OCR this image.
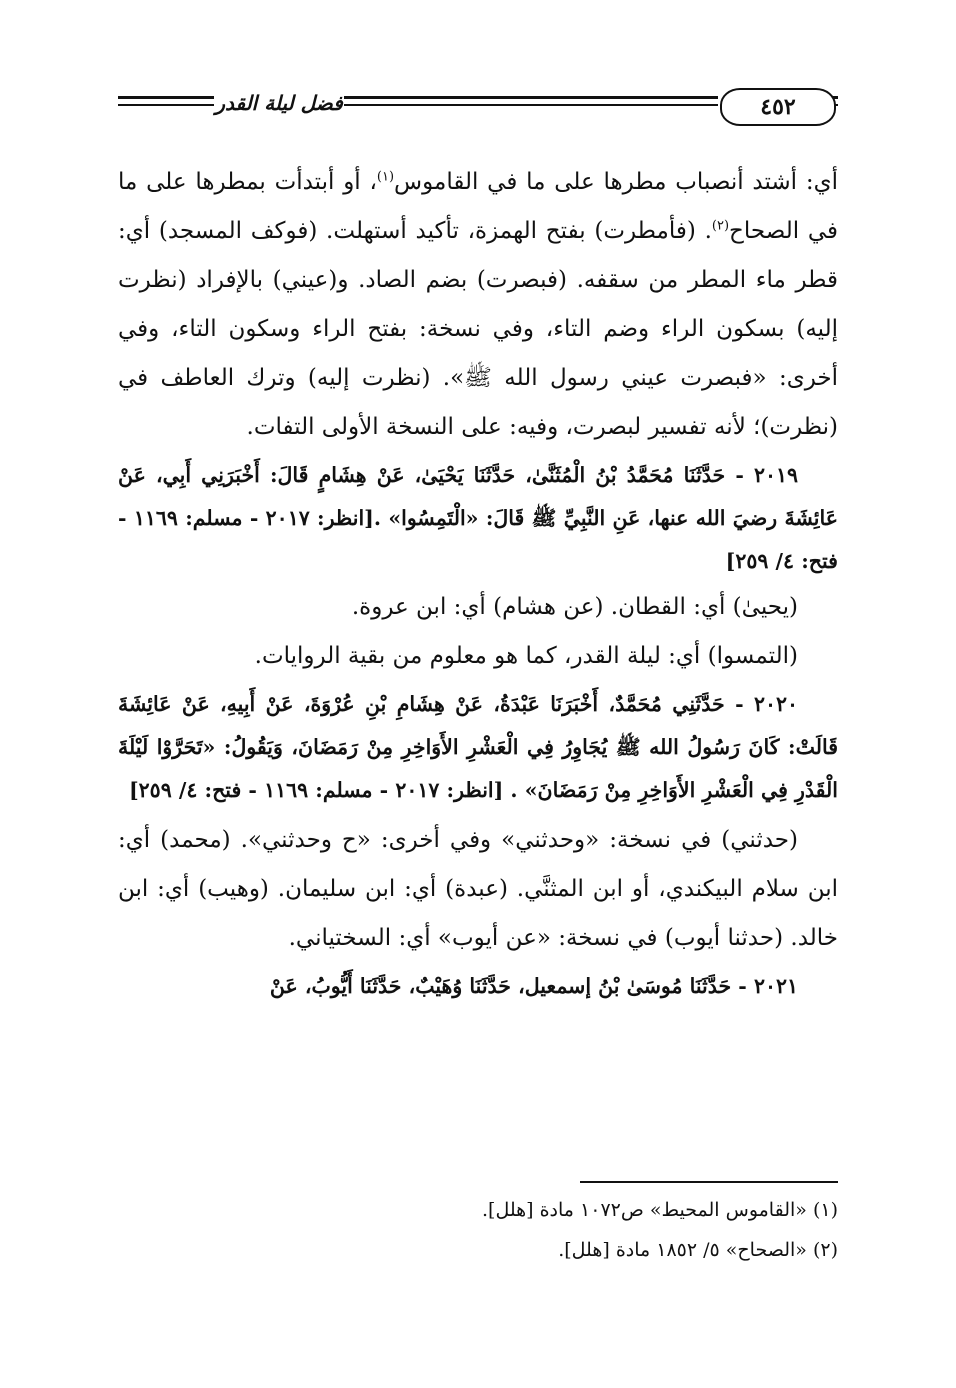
فضل ليلة القدر	٤٥٢

أي: أشتد أنصباب مطرها على ما في القاموس$^{(١)}$، أو أبتدأت بمطرها على ما في الصحاح$^{(٢)}$. (فأمطرت) بفتح الهمزة، تأكيد أستهلت. (فوكف المسجد) أي: قطر ماء المطر من سقفه. (فبصرت) بضم الصاد. و(عيني) بالإفراد (نظرت إليه) بسكون الراء وضم التاء، وفي نسخة: بفتح الراء وسكون التاء، وفي أخرى: «فبصرت عيني رسول الله ﷺ». (نظرت إليه) وترك العاطف في (نظرت)؛ لأنه تفسير لبصرت، وفيه: على النسخة الأولى التفات.

٢٠١٩ - حَدَّثَنَا مُحَمَّدُ بْنُ الْمُثَنَّىٰ، حَدَّثَنَا يَحْيَىٰ، عَنْ هِشَامٍ قَالَ: أَخْبَرَنِي أَبِي، عَنْ عَائِشَةَ رضيَ الله عنها، عَنِ النَّبِيِّ ﷺ قَالَ: «الْتَمِسُوا» .[انظر: ٢٠١٧ - مسلم: ١١٦٩ - فتح: ٤/ ٢٥٩]

(يحيىٰ) أي: القطان. (عن هشام) أي: ابن عروة.

(التمسوا) أي: ليلة القدر، كما هو معلوم من بقية الروايات.

٢٠٢٠ - حَدَّثَنِي مُحَمَّدٌ، أَخْبَرَنَا عَبْدَةُ، عَنْ هِشَامِ بْنِ عُرْوَةَ، عَنْ أَبِيهِ، عَنْ عَائِشَةَ قَالَتْ: كَانَ رَسُولُ الله ﷺ يُجَاوِرُ فِي الْعَشْرِ الأَوَاخِرِ مِنْ رَمَضَانَ، وَيَقُولُ: «تَحَرَّوْا لَيْلَةَ الْقَدْرِ فِي الْعَشْرِ الأَوَاخِرِ مِنْ رَمَضَانَ» . [انظر: ٢٠١٧ - مسلم: ١١٦٩ - فتح: ٤/ ٢٥٩]

(حدثني) في نسخة: «وحدثني» وفي أخرى: «ح وحدثني». (محمد) أي: ابن سلام البيكندي، أو ابن المثنَّي. (عبدة) أي: ابن سليمان. (وهيب) أي: ابن خالد. (حدثنا أيوب) في نسخة: «عن أيوب» أي: السختياني.

٢٠٢١ - حَدَّثَنَا مُوسَىٰ بْنُ إسمعيل، حَدَّثَنَا وُهَيْبٌ، حَدَّثَنَا أَيُّوبُ، عَنْ

(١) «القاموس المحيط» ص١٠٧٢ مادة [هلل].

(٢) «الصحاح» ٥/ ١٨٥٢ مادة [هلل].
